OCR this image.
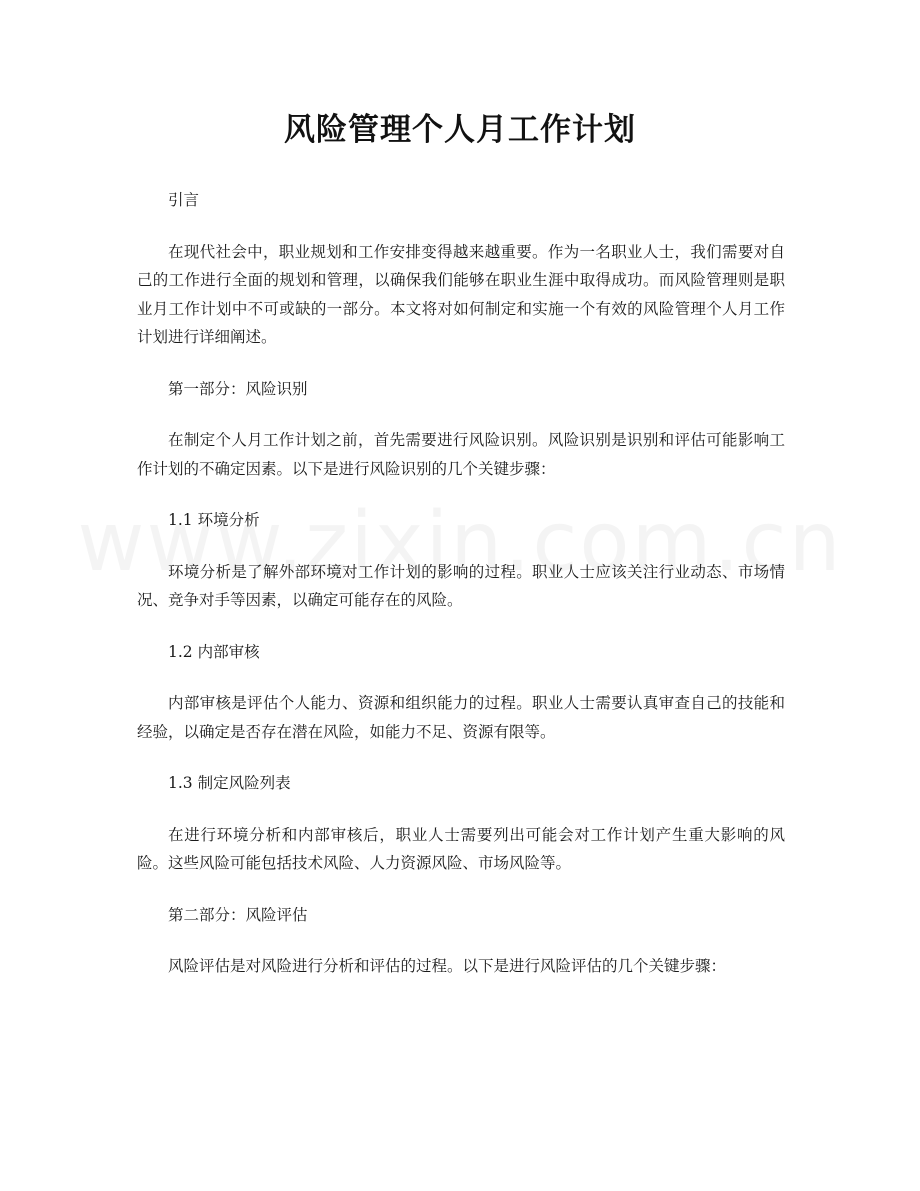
风险管理个人月工作计划

引言

在现代社会中，职业规划和工作安排变得越来越重要。作为一名职业人士，我们需要对自己的工作进行全面的规划和管理，以确保我们能够在职业生涯中取得成功。而风险管理则是职业月工作计划中不可或缺的一部分。本文将对如何制定和实施一个有效的风险管理个人月工作计划进行详细阐述。

第一部分：风险识别

在制定个人月工作计划之前，首先需要进行风险识别。风险识别是识别和评估可能影响工作计划的不确定因素。以下是进行风险识别的几个关键步骤：

1.1 环境分析

环境分析是了解外部环境对工作计划的影响的过程。职业人士应该关注行业动态、市场情况、竞争对手等因素，以确定可能存在的风险。

1.2 内部审核

内部审核是评估个人能力、资源和组织能力的过程。职业人士需要认真审查自己的技能和经验，以确定是否存在潜在风险，如能力不足、资源有限等。

1.3 制定风险列表

在进行环境分析和内部审核后，职业人士需要列出可能会对工作计划产生重大影响的风险。这些风险可能包括技术风险、人力资源风险、市场风险等。

第二部分：风险评估

风险评估是对风险进行分析和评估的过程。以下是进行风险评估的几个关键步骤：
